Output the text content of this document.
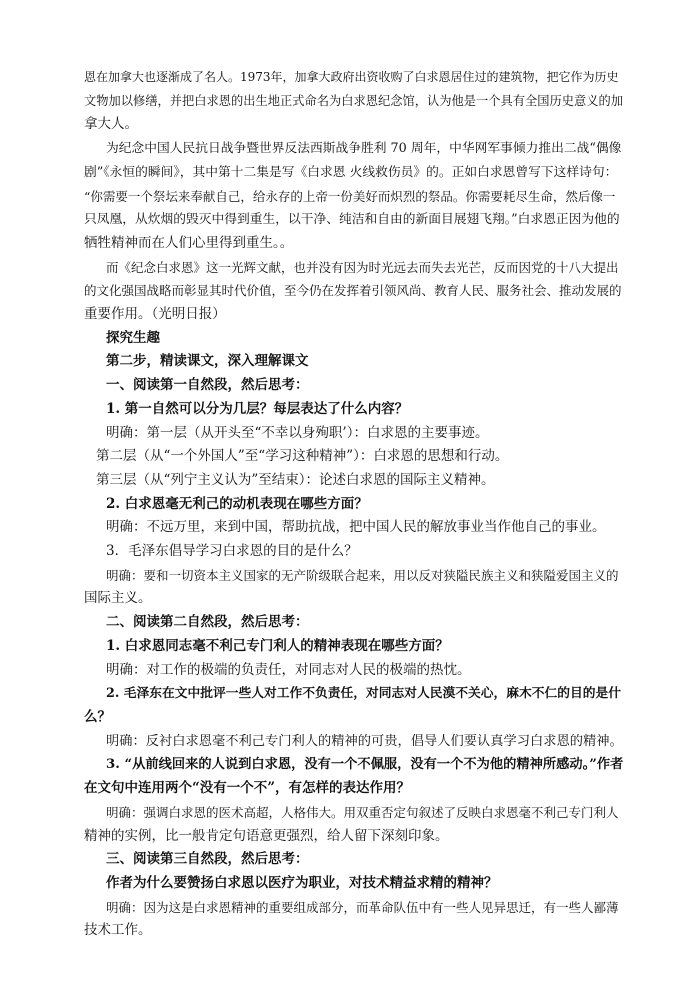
恩在加拿大也逐渐成了名人。1973年，加拿大政府出资收购了白求恩居住过的建筑物，把它作为历史

文物加以修缮，并把白求恩的出生地正式命名为白求恩纪念馆，认为他是一个具有全国历史意义的加

拿大人。

为纪念中国人民抗日战争暨世界反法西斯战争胜利 70 周年，中华网军事倾力推出二战“偶像

剧”《永恒的瞬间》，其中第十二集是写《白求恩 火线救伤员》的。正如白求恩曾写下这样诗句：

“你需要一个祭坛来奉献自己，给永存的上帝一份美好而炽烈的祭品。你需要耗尽生命，然后像一

只凤凰，从炊烟的毁灭中得到重生，以干净、纯洁和自由的新面目展翅飞翔。”白求恩正因为他的

牺牲精神而在人们心里得到重生。。

而《纪念白求恩》这一光辉文献，也并没有因为时光远去而失去光芒，反而因党的十八大提出

的文化强国战略而彰显其时代价值，至今仍在发挥着引领风尚、教育人民、服务社会、推动发展的

重要作用。（光明日报）

探究生趣

第二步，精读课文，深入理解课文

一、阅读第一自然段，然后思考：

1. 第一自然可以分为几层？每层表达了什么内容？

明确：第一层（从开头至“不幸以身殉职’）：白求恩的主要事迹。

第二层（从“一个外国人”至“学习这种精神”）：白求恩的思想和行动。

第三层（从“列宁主义认为”至结束）：论述白求恩的国际主义精神。

2. 白求恩毫无利己的动机表现在哪些方面？

明确：不远万里，来到中国，帮助抗战，把中国人民的解放事业当作他自己的事业。

3．毛泽东倡导学习白求恩的目的是什么？

明确：要和一切资本主义国家的无产阶级联合起来，用以反对狭隘民族主义和狭隘爱国主义的

国际主义。

二、阅读第二自然段，然后思考：

1. 白求恩同志毫不利己专门利人的精神表现在哪些方面？

明确：对工作的极端的负责任，对同志对人民的极端的热忱。

2. 毛泽东在文中批评一些人对工作不负责任，对同志对人民漠不关心，麻木不仁的目的是什

么？

明确：反衬白求恩毫不利己专门利人的精神的可贵，倡导人们要认真学习白求恩的精神。

3. “从前线回来的人说到白求恩，没有一个不佩服，没有一个不为他的精神所感动。”作者

在文句中连用两个“没有一个不”，有怎样的表达作用？

明确：强调白求恩的医术高超，人格伟大。用双重否定句叙述了反映白求恩毫不利己专门利人

精神的实例，比一般肯定句语意更强烈，给人留下深刻印象。

三、阅读第三自然段，然后思考：

作者为什么要赞扬白求恩以医疗为职业，对技术精益求精的精神？

明确：因为这是白求恩精神的重要组成部分，而革命队伍中有一些人见异思迁，有一些人鄙薄

技术工作。
